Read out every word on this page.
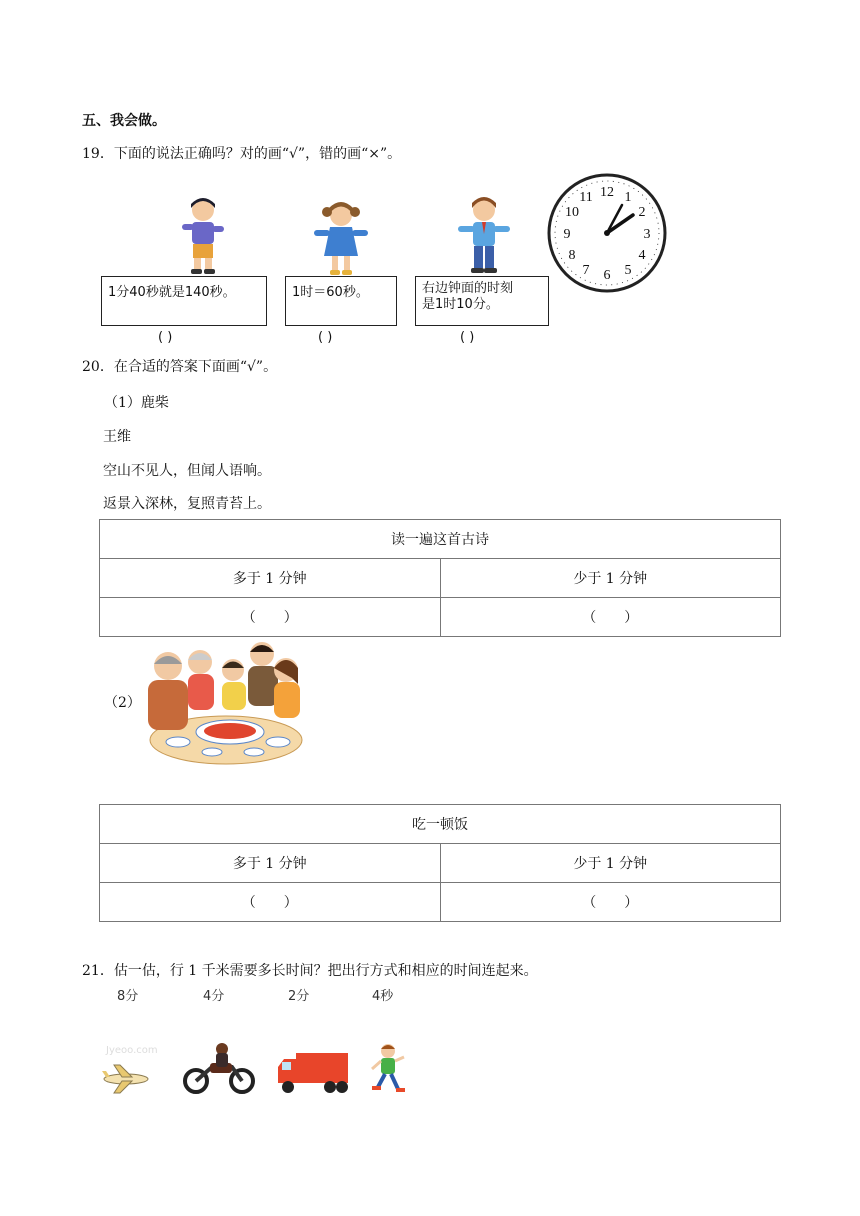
五、我会做。
19．下面的说法正确吗？对的画“√”，错的画“×”。
12 1
2
3
4
5
6
7
8
9
10
11
1分40秒就是140秒。	1时＝60秒。	右边钟面的时刻
是1时10分。
( )	( )	( )
20．在合适的答案下面画“√”。
（1）鹿柴
王维
空山不见人，但闻人语响。
返景入深林，复照青苔上。
读一遍这首古诗	
多于 1 分钟	少于 1 分钟
（　　）	（　　）
（2）
吃一顿饭	
多于 1 分钟	少于 1 分钟
（　　）	（　　）
21．估一估，行 1 千米需要多长时间？把出行方式和相应的时间连起来。
8分	4分	2分	4秒
Jyeoo.com
